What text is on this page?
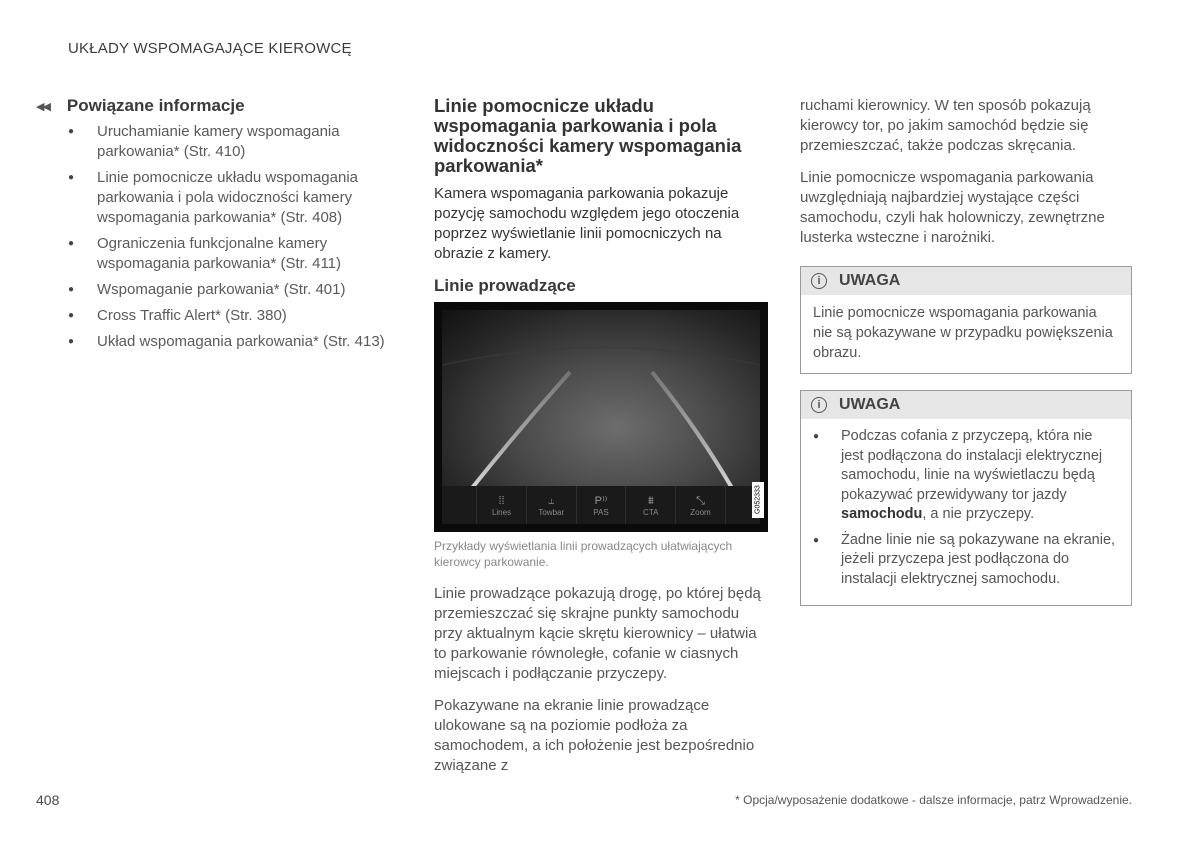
UKŁADY WSPOMAGAJĄCE KIEROWCĘ
◀◀ Powiązane informacje
● Uruchamianie kamery wspomagania parkowania* (Str. 410)
● Linie pomocnicze układu wspomagania parkowania i pola widoczności kamery wspomagania parkowania* (Str. 408)
● Ograniczenia funkcjonalne kamery wspomagania parkowania* (Str. 411)
● Wspomaganie parkowania* (Str. 401)
● Cross Traffic Alert* (Str. 380)
● Układ wspomagania parkowania* (Str. 413)
Linie pomocnicze układu wspomagania parkowania i pola widoczności kamery wspomagania parkowania*

Kamera wspomagania parkowania pokazuje pozycję samochodu względem jego otoczenia poprzez wyświetlanie linii pomocniczych na obrazie z kamery.

Linie prowadzące
⁞⁞
Lines
⥿
Towbar
P⁾⁾
PAS
⩩
CTA
⤡
Zoom	G052333
Przykłady wyświetlania linii prowadzących ułatwiających kierowcy parkowanie.

Linie prowadzące pokazują drogę, po której będą przemieszczać się skrajne punkty samochodu przy aktualnym kącie skrętu kierownicy – ułatwia to parkowanie równoległe, cofanie w ciasnych miejscach i podłączanie przyczepy.

Pokazywane na ekranie linie prowadzące ulokowane są na poziomie podłoża za samochodem, a ich położenie jest bezpośrednio związane z

ruchami kierownicy. W ten sposób pokazują kierowcy tor, po jakim samochód będzie się przemieszczać, także podczas skręcania.

Linie pomocnicze wspomagania parkowania uwzględniają najbardziej wystające części samochodu, czyli hak holowniczy, zewnętrzne lusterka wsteczne i narożniki.

i	UWAGA

Linie pomocnicze wspomagania parkowania nie są pokazywane w przypadku powiększenia obrazu.

i	UWAGA
● Podczas cofania z przyczepą, która nie jest podłączona do instalacji elektrycznej samochodu, linie na wyświetlaczu będą pokazywać przewidywany tor jazdy samochodu, a nie przyczepy.
● Żadne linie nie są pokazywane na ekranie, jeżeli przyczepa jest podłączona do instalacji elektrycznej samochodu.
408	* Opcja/wyposażenie dodatkowe - dalsze informacje, patrz Wprowadzenie.
